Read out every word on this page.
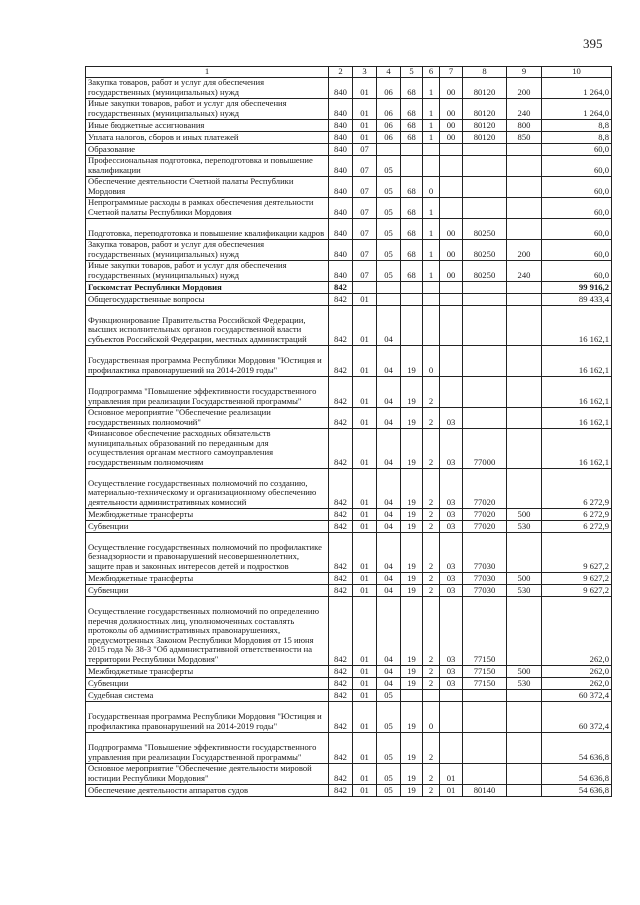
395
1	2	3	4	5	6	7	8	9	10
Закупка товаров, работ и услуг для обеспечения государственных (муниципальных) нужд	840	01	06	68	1	00	80120	200	1 264,0
Иные закупки товаров, работ и услуг для обеспечения государственных (муниципальных) нужд	840	01	06	68	1	00	80120	240	1 264,0
Иные бюджетные ассигнования	840	01	06	68	1	00	80120	800	8,8
Уплата налогов, сборов и иных платежей	840	01	06	68	1	00	80120	850	8,8
Образование	840	07							60,0
Профессиональная подготовка, переподготовка и повышение квалификации	840	07	05						60,0
Обеспечение деятельности Счетной палаты Республики Мордовия	840	07	05	68	0				60,0
Непрограммные расходы в рамках обеспечения деятельности Счетной палаты Республики Мордовия	840	07	05	68	1				60,0
Подготовка, переподготовка и повышение квалификации кадров	840	07	05	68	1	00	80250		60,0
Закупка товаров, работ и услуг для обеспечения государственных (муниципальных) нужд	840	07	05	68	1	00	80250	200	60,0
Иные закупки товаров, работ и услуг для обеспечения государственных (муниципальных) нужд	840	07	05	68	1	00	80250	240	60,0
Госкомстат Республики Мордовия	842								99 916,2
Общегосударственные вопросы	842	01							89 433,4
Функционирование Правительства Российской Федерации, высших исполнительных органов государственной власти субъектов Российской Федерации, местных администраций	842	01	04						16 162,1
Государственная программа Республики Мордовия "Юстиция и профилактика правонарушений на 2014-2019 годы"	842	01	04	19	0				16 162,1
Подпрограмма "Повышение эффективности государственного управления при реализации Государственной программы"	842	01	04	19	2				16 162,1
Основное мероприятие "Обеспечение реализации государственных полномочий"	842	01	04	19	2	03			16 162,1
Финансовое обеспечение расходных обязательств муниципальных образований по переданным для осуществления органам местного самоуправления государственным полномочиям	842	01	04	19	2	03	77000		16 162,1
Осуществление государственных полномочий по созданию, материально-техническому и организационному обеспечению деятельности административных комиссий	842	01	04	19	2	03	77020		6 272,9
Межбюджетные трансферты	842	01	04	19	2	03	77020	500	6 272,9
Субвенции	842	01	04	19	2	03	77020	530	6 272,9
Осуществление государственных полномочий по профилактике безнадзорности и правонарушений несовершеннолетних, защите прав и законных интересов детей и подростков	842	01	04	19	2	03	77030		9 627,2
Межбюджетные трансферты	842	01	04	19	2	03	77030	500	9 627,2
Субвенции	842	01	04	19	2	03	77030	530	9 627,2
Осуществление государственных полномочий по определению перечня должностных лиц, уполномоченных составлять протоколы об административных правонарушениях, предусмотренных Законом Республики Мордовия от 15 июня 2015 года № 38-З "Об административной ответственности на территории Республики Мордовия"	842	01	04	19	2	03	77150		262,0
Межбюджетные трансферты	842	01	04	19	2	03	77150	500	262,0
Субвенции	842	01	04	19	2	03	77150	530	262,0
Судебная система	842	01	05						60 372,4
Государственная программа Республики Мордовия "Юстиция и профилактика правонарушений на 2014-2019 годы"	842	01	05	19	0				60 372,4
Подпрограмма "Повышение эффективности государственного управления при реализации Государственной программы"	842	01	05	19	2				54 636,8
Основное мероприятие "Обеспечение деятельности мировой юстиции Республики Мордовия"	842	01	05	19	2	01			54 636,8
Обеспечение деятельности аппаратов судов	842	01	05	19	2	01	80140		54 636,8
